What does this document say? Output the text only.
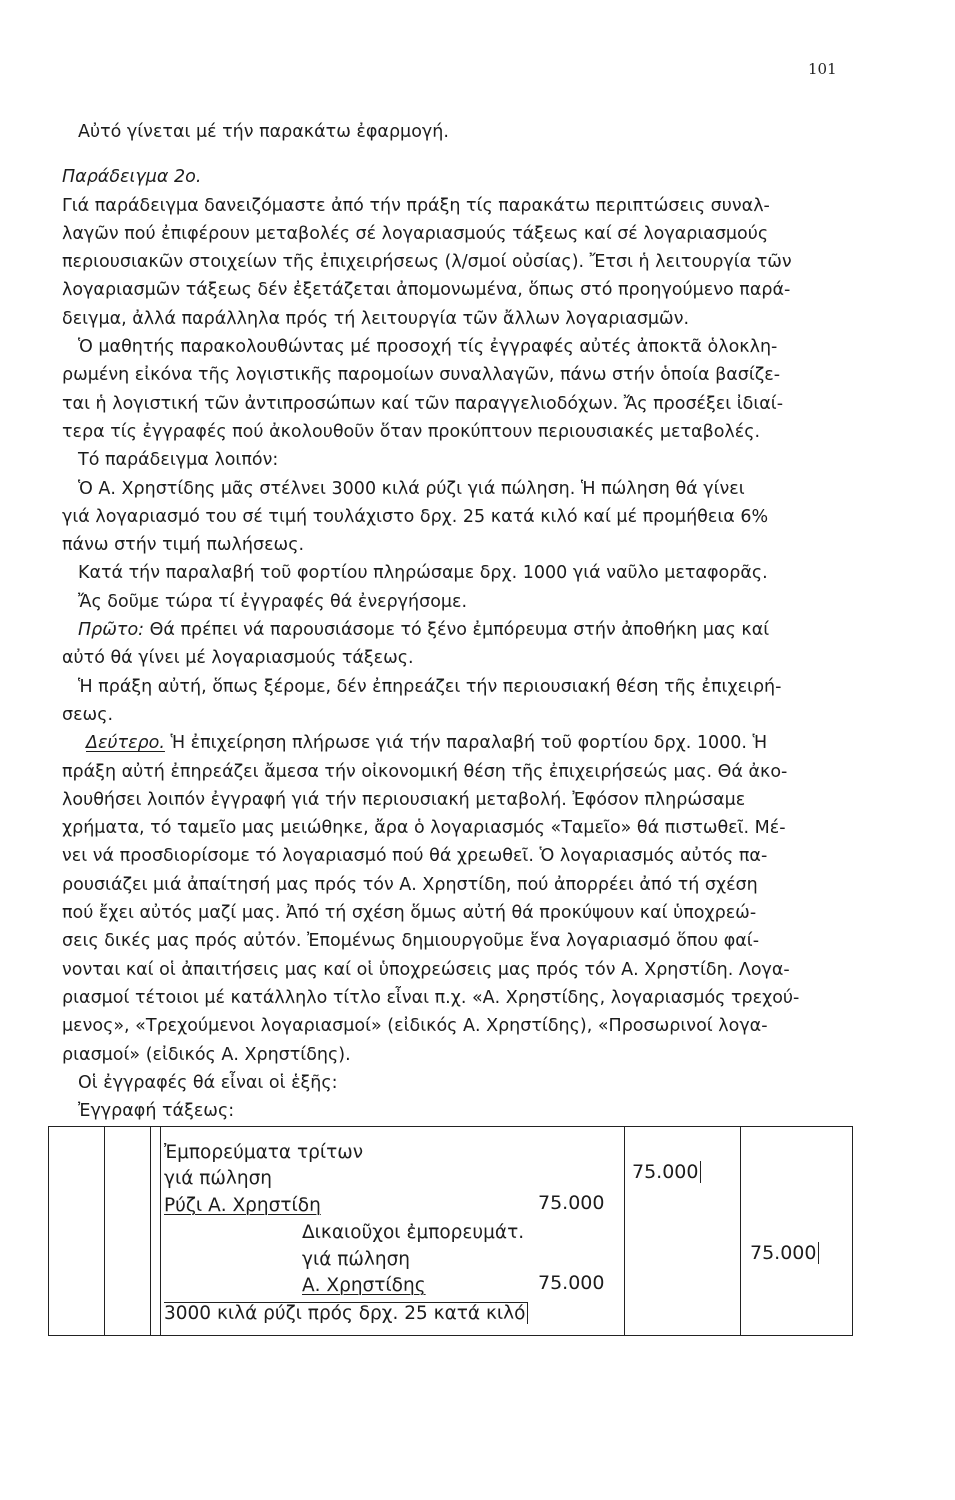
101
Αὐτό γίνεται μέ τήν παρακάτω ἐφαρμογή.
Παράδειγμα 2ο.
Γιά παράδειγμα δανειζόμαστε ἀπό τήν πράξη τίς παρακάτω περιπτώσεις συναλ-
λαγῶν πού ἐπιφέρουν μεταβολές σέ λογαριασμούς τάξεως καί σέ λογαριασμούς
περιουσιακῶν στοιχείων τῆς ἐπιχειρήσεως (λ/σμοί οὐσίας). Ἔτσι ἡ λειτουργία τῶν
λογαριασμῶν τάξεως δέν ἐξετάζεται ἀπομονωμένα, ὅπως στό προηγούμενο παρά-
δειγμα, ἀλλά παράλληλα πρός τή λειτουργία τῶν ἄλλων λογαριασμῶν.
Ὁ μαθητής παρακολουθώντας μέ προσοχή τίς ἐγγραφές αὐτές ἀποκτᾶ ὁλοκλη-
ρωμένη εἰκόνα τῆς λογιστικῆς παρομοίων συναλλαγῶν, πάνω στήν ὁποία βασίζε-
ται ἡ λογιστική τῶν ἀντιπροσώπων καί τῶν παραγγελιοδόχων. Ἄς προσέξει ἰδιαί-
τερα τίς ἐγγραφές πού ἀκολουθοῦν ὅταν προκύπτουν περιουσιακές μεταβολές.
Τό παράδειγμα λοιπόν:
Ὁ Α. Χρηστίδης μᾶς στέλνει 3000 κιλά ρύζι γιά πώληση. Ἡ πώληση θά γίνει
γιά λογαριασμό του σέ τιμή τουλάχιστο δρχ. 25 κατά κιλό καί μέ προμήθεια 6%
πάνω στήν τιμή πωλήσεως.
Κατά τήν παραλαβή τοῦ φορτίου πληρώσαμε δρχ. 1000 γιά ναῦλο μεταφορᾶς.
Ἄς δοῦμε τώρα τί ἐγγραφές θά ἐνεργήσομε.
Πρῶτο: Θά πρέπει νά παρουσιάσομε τό ξένο ἐμπόρευμα στήν ἀποθήκη μας καί
αὐτό θά γίνει μέ λογαριασμούς τάξεως.
Ἡ πράξη αὐτή, ὅπως ξέρομε, δέν ἐπηρεάζει τήν περιουσιακή θέση τῆς ἐπιχειρή-
σεως.
Δεύτερο. Ἡ ἐπιχείρηση πλήρωσε γιά τήν παραλαβή τοῦ φορτίου δρχ. 1000. Ἡ
πράξη αὐτή ἐπηρεάζει ἄμεσα τήν οἰκονομική θέση τῆς ἐπιχειρήσεώς μας. Θά ἀκο-
λουθήσει λοιπόν ἐγγραφή γιά τήν περιουσιακή μεταβολή. Ἐφόσον πληρώσαμε
χρήματα, τό ταμεῖο μας μειώθηκε, ἄρα ὁ λογαριασμός «Ταμεῖο» θά πιστωθεῖ. Μέ-
νει νά προσδιορίσομε τό λογαριασμό πού θά χρεωθεῖ. Ὁ λογαριασμός αὐτός πα-
ρουσιάζει μιά ἀπαίτησή μας πρός τόν Α. Χρηστίδη, πού ἀπορρέει ἀπό τή σχέση
πού ἔχει αὐτός μαζί μας. Ἀπό τή σχέση ὅμως αὐτή θά προκύψουν καί ὑποχρεώ-
σεις δικές μας πρός αὐτόν. Ἐπομένως δημιουργοῦμε ἕνα λογαριασμό ὅπου φαί-
νονται καί οἱ ἀπαιτήσεις μας καί οἱ ὑποχρεώσεις μας πρός τόν Α. Χρηστίδη. Λογα-
ριασμοί τέτοιοι μέ κατάλληλο τίτλο εἶναι π.χ. «Α. Χρηστίδης, λογαριασμός τρεχού-
μενος», «Τρεχούμενοι λογαριασμοί» (εἰδικός Α. Χρηστίδης), «Προσωρινοί λογα-
ριασμοί» (εἰδικός Α. Χρηστίδης).
Οἱ ἐγγραφές θά εἶναι οἱ ἑξῆς:
Ἐγγραφή τάξεως:
Ἐμπορεύματα τρίτων
γιά πώληση
Ρύζι Α. Χρηστίδη
Δικαιοῦχοι ἐμπορευμάτ.
γιά πώληση
Α. Χρηστίδης
3000 κιλά ρύζι πρός δρχ. 25 κατά κιλό
75.000
75.000
75.000
75.000
